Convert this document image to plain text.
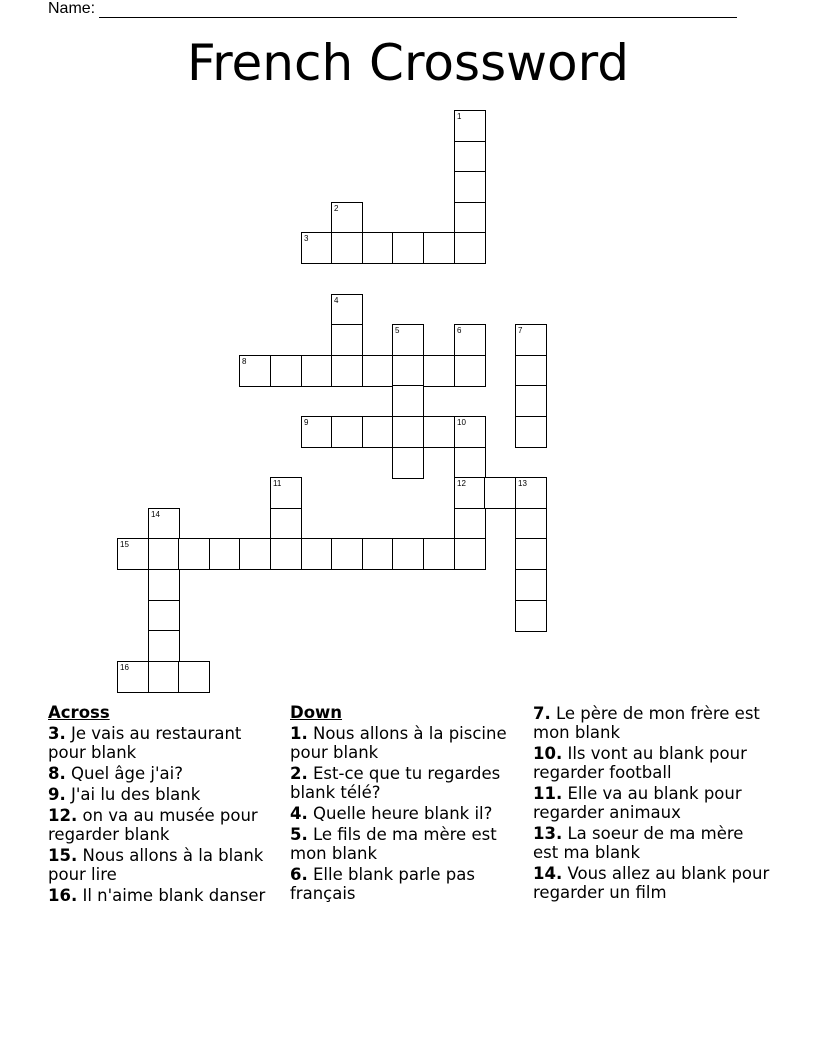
Name:
French Crossword
1
2
3
4
5	6	7
8
9	10
11	12	13
14
15
16
Across
3. Je vais au restaurant pour blank
8. Quel âge j'ai?
9. J'ai lu des blank
12. on va au musée pour regarder blank
15. Nous allons à la blank pour lire
16. Il n'aime blank danser
Down
1. Nous allons à la piscine pour blank
2. Est-ce que tu regardes blank télé?
4. Quelle heure blank il?
5. Le fils de ma mère est mon blank
6. Elle blank parle pas français
7. Le père de mon frère est mon blank
10. Ils vont au blank pour regarder football
11. Elle va au blank pour regarder animaux
13. La soeur de ma mère est ma blank
14. Vous allez au blank pour regarder un film
